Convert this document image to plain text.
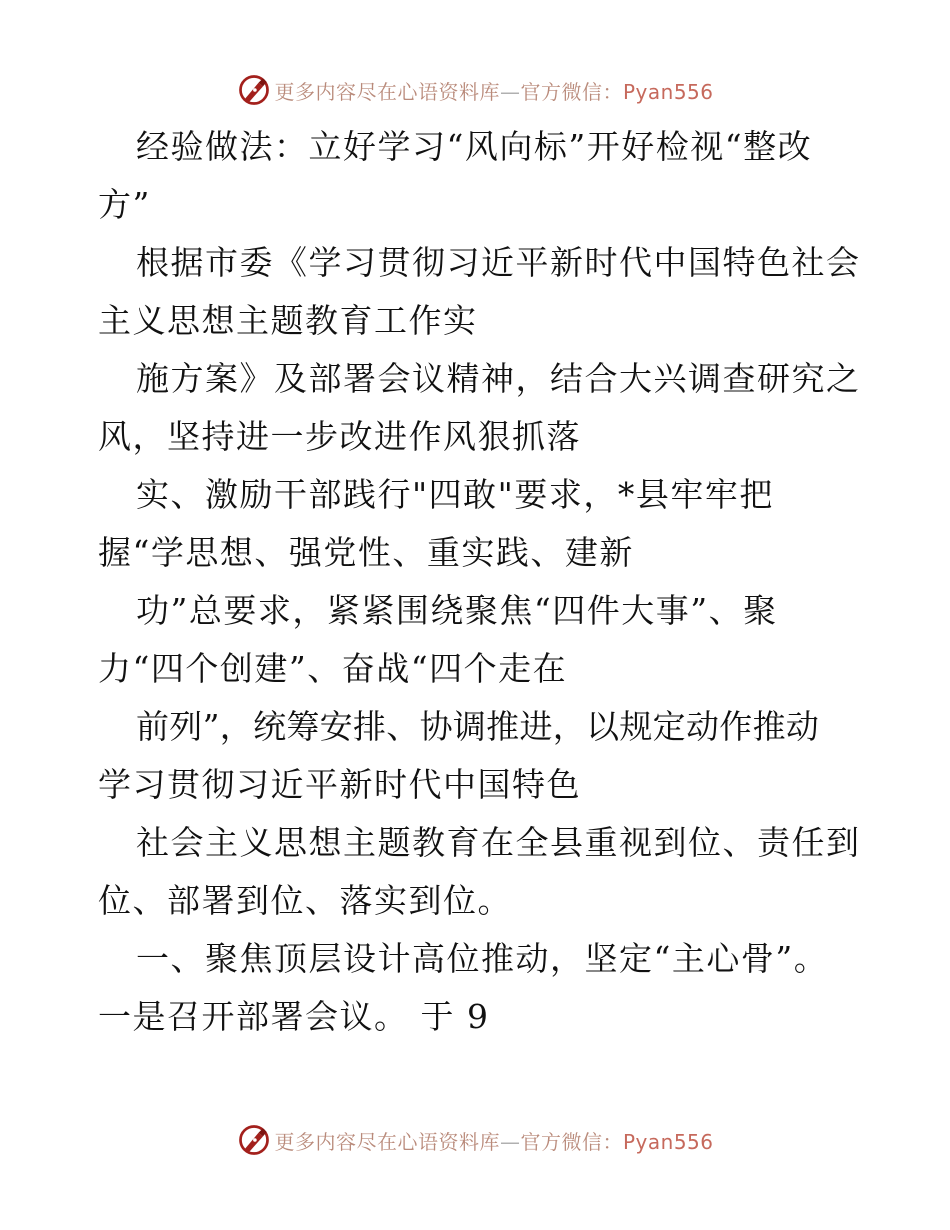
更多内容尽在心语资料库—官方微信：Pyan556
经验做法：立好学习“风向标”开好检视“整改
方”
根据市委《学习贯彻习近平新时代中国特色社会
主义思想主题教育工作实
施方案》及部署会议精神，结合大兴调查研究之
风，坚持进一步改进作风狠抓落
实、激励干部践行"四敢"要求，*县牢牢把
握“学思想、强党性、重实践、建新
功”总要求，紧紧围绕聚焦“四件大事”、聚
力“四个创建”、奋战“四个走在
前列”，统筹安排、协调推进，以规定动作推动
学习贯彻习近平新时代中国特色
社会主义思想主题教育在全县重视到位、责任到
位、部署到位、落实到位。
一、聚焦顶层设计高位推动，坚定“主心骨”。
一是召开部署会议。 于 9
更多内容尽在心语资料库—官方微信：Pyan556
